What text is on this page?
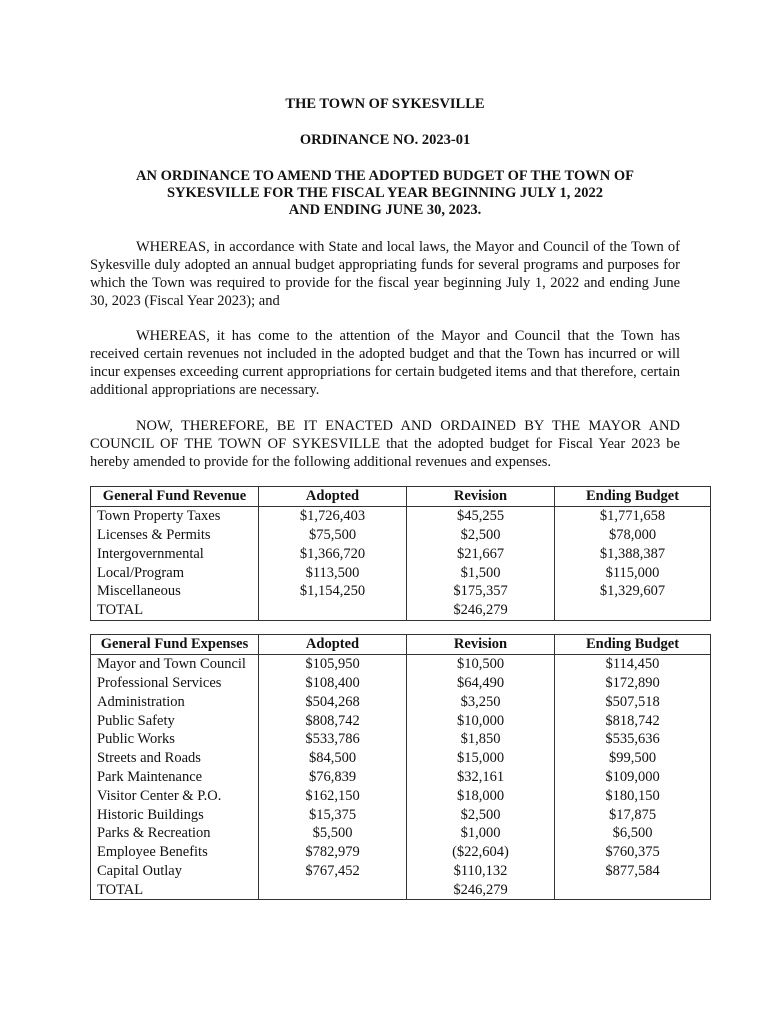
THE TOWN OF SYKESVILLE
ORDINANCE NO. 2023-01
AN ORDINANCE TO AMEND THE ADOPTED BUDGET OF THE TOWN OF
SYKESVILLE FOR THE FISCAL YEAR BEGINNING JULY 1, 2022
AND ENDING JUNE 30, 2023.

WHEREAS, in accordance with State and local laws, the Mayor and Council of the Town of Sykesville duly adopted an annual budget appropriating funds for several programs and purposes for which the Town was required to provide for the fiscal year beginning July 1, 2022 and ending June 30, 2023 (Fiscal Year 2023); and

WHEREAS, it has come to the attention of the Mayor and Council that the Town has received certain revenues not included in the adopted budget and that the Town has incurred or will incur expenses exceeding current appropriations for certain budgeted items and that therefore, certain additional appropriations are necessary.

NOW, THEREFORE, BE IT ENACTED AND ORDAINED BY THE MAYOR AND COUNCIL OF THE TOWN OF SYKESVILLE that the adopted budget for Fiscal Year 2023 be hereby amended to provide for the following additional revenues and expenses.

General Fund Revenue	Adopted	Revision	Ending Budget
Town Property Taxes	$1,726,403	$45,255	$1,771,658
Licenses & Permits	$75,500	$2,500	$78,000
Intergovernmental	$1,366,720	$21,667	$1,388,387
Local/Program	$113,500	$1,500	$115,000
Miscellaneous	$1,154,250	$175,357	$1,329,607
TOTAL		$246,279	
General Fund Expenses	Adopted	Revision	Ending Budget
Mayor and Town Council	$105,950	$10,500	$114,450
Professional Services	$108,400	$64,490	$172,890
Administration	$504,268	$3,250	$507,518
Public Safety	$808,742	$10,000	$818,742
Public Works	$533,786	$1,850	$535,636
Streets and Roads	$84,500	$15,000	$99,500
Park Maintenance	$76,839	$32,161	$109,000
Visitor Center & P.O.	$162,150	$18,000	$180,150
Historic Buildings	$15,375	$2,500	$17,875
Parks & Recreation	$5,500	$1,000	$6,500
Employee Benefits	$782,979	($22,604)	$760,375
Capital Outlay	$767,452	$110,132	$877,584
TOTAL		$246,279	
